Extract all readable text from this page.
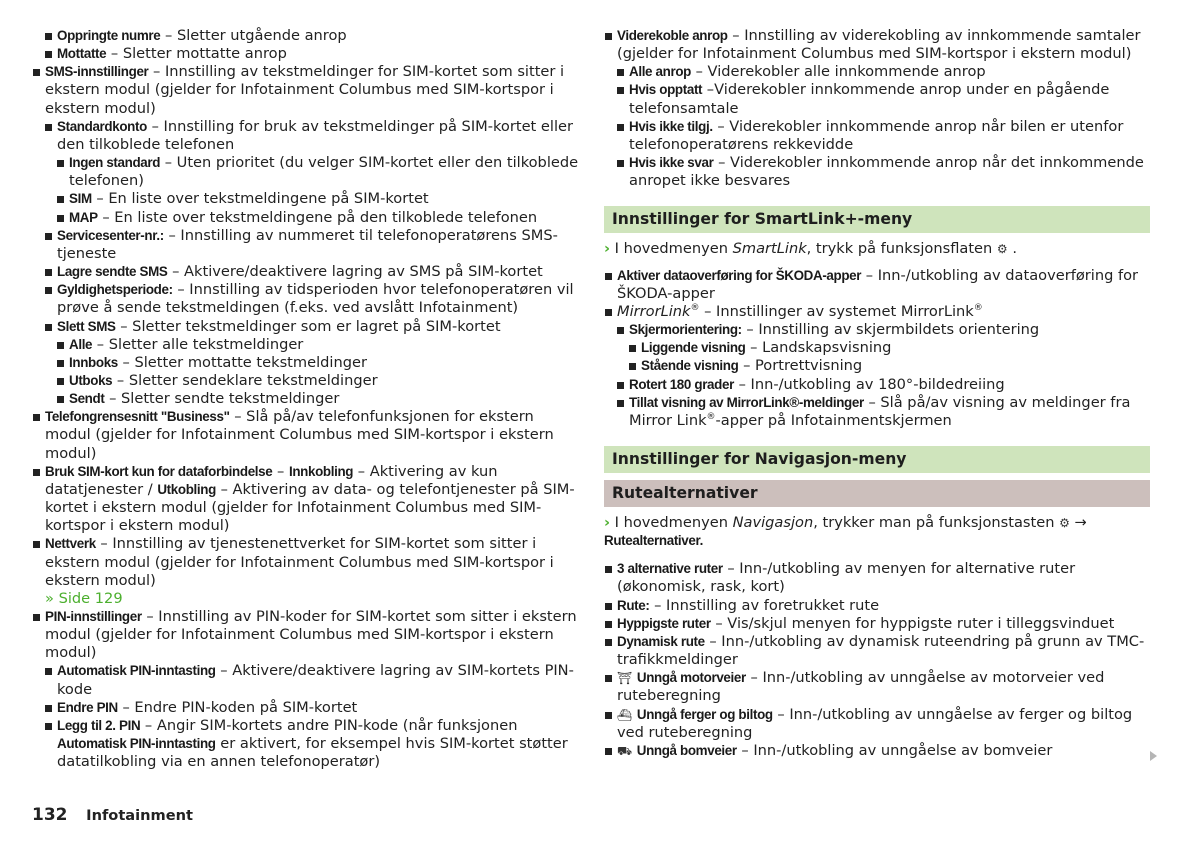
Oppringte numre – Sletter utgående anrop
Mottatte – Sletter mottatte anrop
SMS-innstillinger – Innstilling av tekstmeldinger for SIM-kortet som sitter i ekstern modul (gjelder for Infotainment Columbus med SIM-kortspor i ekstern modul)
Standardkonto – Innstilling for bruk av tekstmeldinger på SIM-kortet eller den tilkoblede telefonen
Ingen standard – Uten prioritet (du velger SIM-kortet eller den tilkoblede telefonen)
SIM – En liste over tekstmeldingene på SIM-kortet
MAP – En liste over tekstmeldingene på den tilkoblede telefonen
Servicesenter-nr.: – Innstilling av nummeret til telefonoperatørens SMS-tjeneste
Lagre sendte SMS – Aktivere/deaktivere lagring av SMS på SIM-kortet
Gyldighetsperiode: – Innstilling av tidsperioden hvor telefonoperatøren vil prøve å sende tekstmeldingen (f.eks. ved avslått Infotainment)
Slett SMS – Sletter tekstmeldinger som er lagret på SIM-kortet
Alle – Sletter alle tekstmeldinger
Innboks – Sletter mottatte tekstmeldinger
Utboks – Sletter sendeklare tekstmeldinger
Sendt – Sletter sendte tekstmeldinger
Telefongrensesnitt "Business" – Slå på/av telefonfunksjonen for ekstern modul (gjelder for Infotainment Columbus med SIM-kortspor i ekstern modul)
Bruk SIM-kort kun for dataforbindelse – Innkobling – Aktivering av kun datatjenester / Utkobling – Aktivering av data- og telefontjenester på SIM-kortet i ekstern modul (gjelder for Infotainment Columbus med SIM-kortspor i ekstern modul)
Nettverk – Innstilling av tjenestenettverket for SIM-kortet som sitter i ekstern modul (gjelder for Infotainment Columbus med SIM-kortspor i ekstern modul)
» Side 129
PIN-innstillinger – Innstilling av PIN-koder for SIM-kortet som sitter i ekstern modul (gjelder for Infotainment Columbus med SIM-kortspor i ekstern modul)
Automatisk PIN-inntasting – Aktivere/deaktivere lagring av SIM-kortets PIN-kode
Endre PIN – Endre PIN-koden på SIM-kortet
Legg til 2. PIN – Angir SIM-kortets andre PIN-kode (når funksjonen Automatisk PIN-inntasting er aktivert, for eksempel hvis SIM-kortet støtter datatilkobling via en annen telefonoperatør)
Viderekoble anrop – Innstilling av viderekobling av innkommende samtaler (gjelder for Infotainment Columbus med SIM-kortspor i ekstern modul)
Alle anrop – Viderekobler alle innkommende anrop
Hvis opptatt –Viderekobler innkommende anrop under en pågående telefonsamtale
Hvis ikke tilgj. – Viderekobler innkommende anrop når bilen er utenfor telefonoperatørens rekkevidde
Hvis ikke svar – Viderekobler innkommende anrop når det innkommende anropet ikke besvares
Innstillinger for SmartLink+-meny
› I hovedmenyen SmartLink, trykk på funksjonsflaten ⚙ .
Aktiver dataoverføring for ŠKODA-apper – Inn-/utkobling av dataoverføring for ŠKODA-apper
MirrorLink® – Innstillinger av systemet MirrorLink®
Skjermorientering: – Innstilling av skjermbildets orientering
Liggende visning – Landskapsvisning
Stående visning – Portrettvisning
Rotert 180 grader – Inn-/utkobling av 180°-bildedreiing
Tillat visning av MirrorLink®-meldinger – Slå på/av visning av meldinger fra Mirror Link®-apper på Infotainmentskjermen
Innstillinger for Navigasjon-meny
Rutealternativer
› I hovedmenyen Navigasjon, trykker man på funksjonstasten ⚙ → Rutealternativer.
3 alternative ruter – Inn-/utkobling av menyen for alternative ruter (økonomisk, rask, kort)
Rute: – Innstilling av foretrukket rute
Hyppigste ruter – Vis/skjul menyen for hyppigste ruter i tilleggsvinduet
Dynamisk rute – Inn-/utkobling av dynamisk ruteendring på grunn av TMC-trafikkmeldinger
⛩ Unngå motorveier – Inn-/utkobling av unngåelse av motorveier ved ruteberegning
⛴ Unngå ferger og biltog – Inn-/utkobling av unngåelse av ferger og biltog ved ruteberegning
⛟ Unngå bomveier – Inn-/utkobling av unngåelse av bomveier
132 Infotainment
